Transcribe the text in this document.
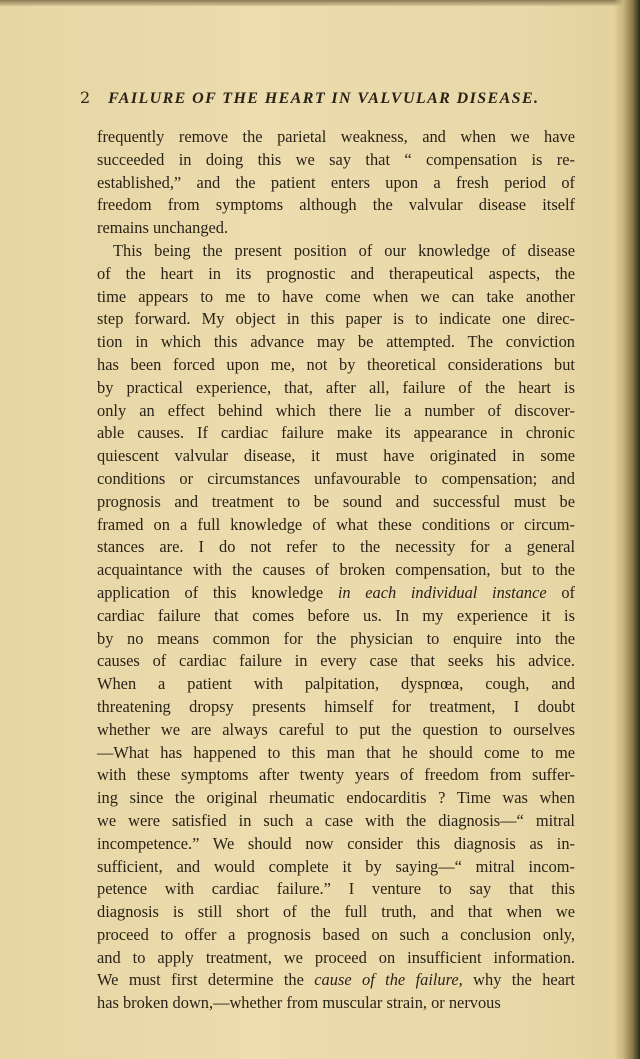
2 FAILURE OF THE HEART IN VALVULAR DISEASE.
frequently remove the parietal weakness, and when we have
succeeded in doing this we say that “ compensation is re-
established,” and the patient enters upon a fresh period of
freedom from symptoms although the valvular disease itself
remains unchanged.
This being the present position of our knowledge of disease
of the heart in its prognostic and therapeutical aspects, the
time appears to me to have come when we can take another
step forward. My object in this paper is to indicate one direc-
tion in which this advance may be attempted. The conviction
has been forced upon me, not by theoretical considerations but
by practical experience, that, after all, failure of the heart is
only an effect behind which there lie a number of discover-
able causes. If cardiac failure make its appearance in chronic
quiescent valvular disease, it must have originated in some
conditions or circumstances unfavourable to compensation; and
prognosis and treatment to be sound and successful must be
framed on a full knowledge of what these conditions or circum-
stances are. I do not refer to the necessity for a general
acquaintance with the causes of broken compensation, but to the
application of this knowledge in each individual instance of
cardiac failure that comes before us. In my experience it is
by no means common for the physician to enquire into the
causes of cardiac failure in every case that seeks his advice.
When a patient with palpitation, dyspnœa, cough, and
threatening dropsy presents himself for treatment, I doubt
whether we are always careful to put the question to ourselves
—What has happened to this man that he should come to me
with these symptoms after twenty years of freedom from suffer-
ing since the original rheumatic endocarditis ? Time was when
we were satisfied in such a case with the diagnosis—“ mitral
incompetence.” We should now consider this diagnosis as in-
sufficient, and would complete it by saying—“ mitral incom-
petence with cardiac failure.” I venture to say that this
diagnosis is still short of the full truth, and that when we
proceed to offer a prognosis based on such a conclusion only,
and to apply treatment, we proceed on insufficient information.
We must first determine the cause of the failure, why the heart
has broken down,—whether from muscular strain, or nervous
